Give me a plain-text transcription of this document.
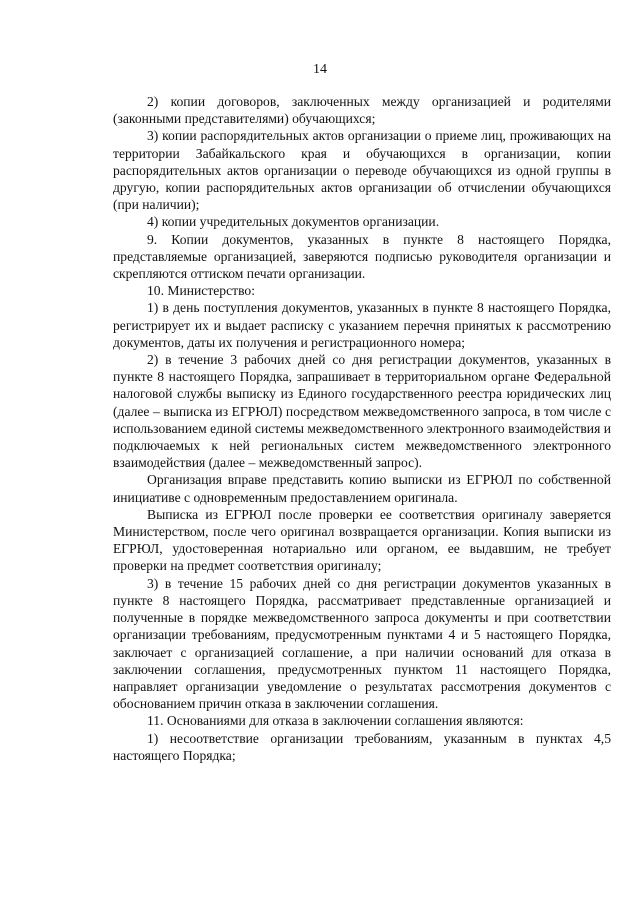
14

2) копии договоров, заключенных между организацией и родителями (законными представителями) обучающихся;

3) копии распорядительных актов организации о приеме лиц, проживающих на территории Забайкальского края и обучающихся в организации, копии распорядительных актов организации о переводе обучающихся из одной группы в другую, копии распорядительных актов организации об отчислении обучающихся (при наличии);

4) копии учредительных документов организации.

9. Копии документов, указанных в пункте 8 настоящего Порядка, представляемые организацией, заверяются подписью руководителя организации и скрепляются оттиском печати организации.

10. Министерство:

1) в день поступления документов, указанных в пункте 8 настоящего Порядка, регистрирует их и выдает расписку с указанием перечня принятых к рассмотрению документов, даты их получения и регистрационного номера;

2) в течение 3 рабочих дней со дня регистрации документов, указанных в пункте 8 настоящего Порядка, запрашивает в территориальном органе Федеральной налоговой службы выписку из Единого государственного реестра юридических лиц (далее – выписка из ЕГРЮЛ) посредством межведомственного запроса, в том числе с использованием единой системы межведомственного электронного взаимодействия и подключаемых к ней региональных систем межведомственного электронного взаимодействия (далее – межведомственный запрос).

Организация вправе представить копию выписки из ЕГРЮЛ по собственной инициативе с одновременным предоставлением оригинала.

Выписка из ЕГРЮЛ после проверки ее соответствия оригиналу заверяется Министерством, после чего оригинал возвращается организации. Копия выписки из ЕГРЮЛ, удостоверенная нотариально или органом, ее выдавшим, не требует проверки на предмет соответствия оригиналу;

3) в течение 15 рабочих дней со дня регистрации документов указанных в пункте 8 настоящего Порядка, рассматривает представленные организацией и полученные в порядке межведомственного запроса документы и при соответствии организации требованиям, предусмотренным пунктами 4 и 5 настоящего Порядка, заключает с организацией соглашение, а при наличии оснований для отказа в заключении соглашения, предусмотренных пунктом 11 настоящего Порядка, направляет организации уведомление о результатах рассмотрения документов с обоснованием причин отказа в заключении соглашения.

11. Основаниями для отказа в заключении соглашения являются:

1) несоответствие организации требованиям, указанным в пунктах 4,5 настоящего Порядка;
